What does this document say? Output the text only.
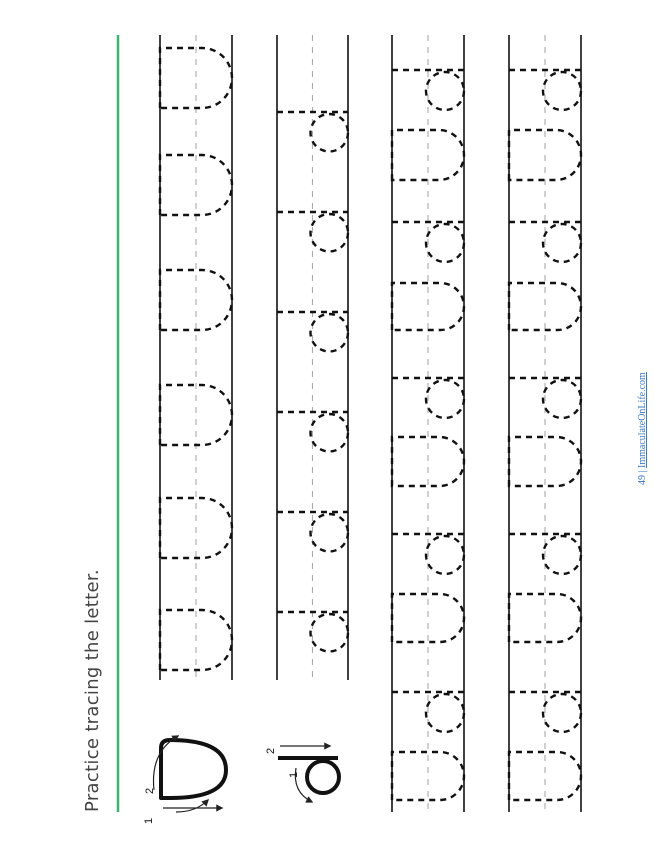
1
2
2
1
Practice tracing the letter.
49 | ImmaculateOnLife.com
